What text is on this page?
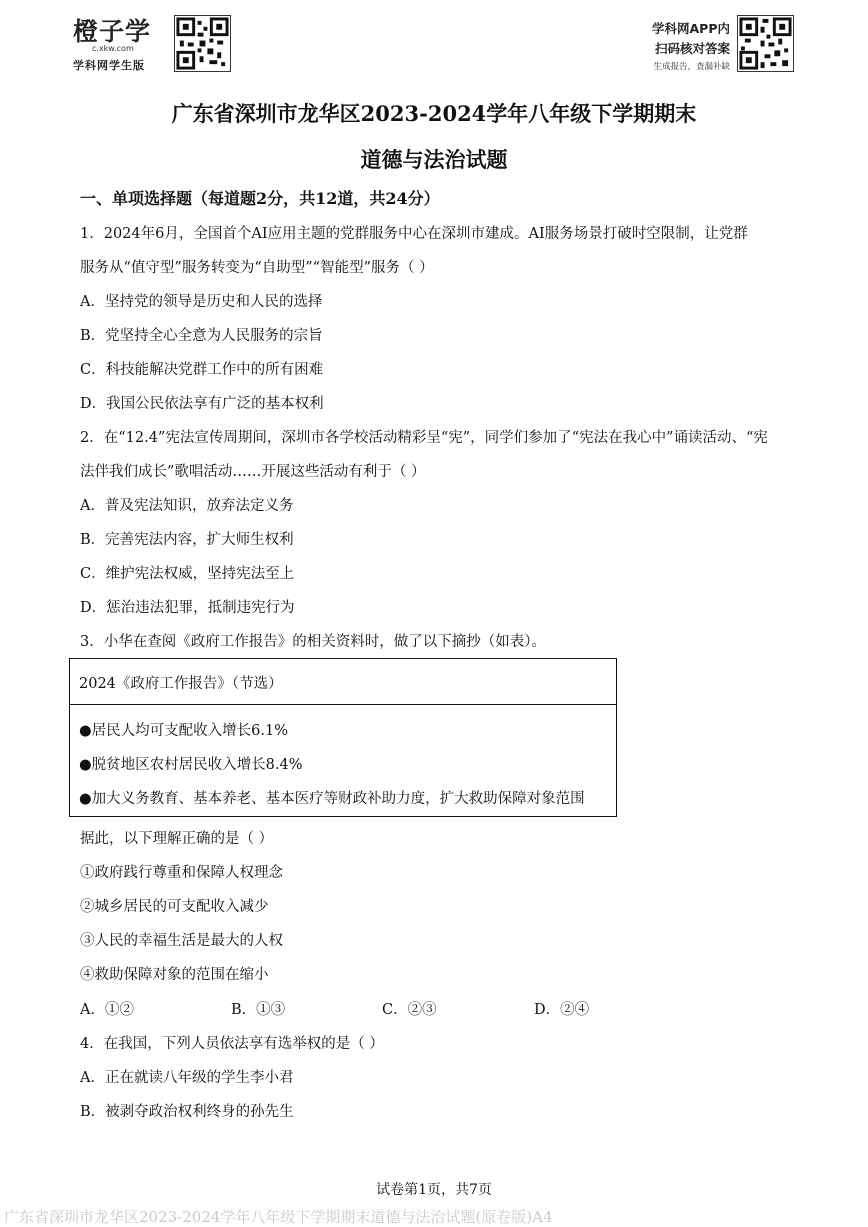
橙子学
c.xkw.com
学科网学生版
学科网APP内
扫码核对答案
生成报告，查漏补缺
广东省深圳市龙华区2023-2024学年八年级下学期期末
道德与法治试题
一、单项选择题（每道题2分，共12道，共24分）
1．2024年6月，全国首个AI应用主题的党群服务中心在深圳市建成。AI服务场景打破时空限制，让党群
服务从“值守型”服务转变为“自助型”“智能型”服务（ ）
A．坚持党的领导是历史和人民的选择
B．党坚持全心全意为人民服务的宗旨
C．科技能解决党群工作中的所有困难
D．我国公民依法享有广泛的基本权利
2．在“12.4”宪法宣传周期间，深圳市各学校活动精彩呈“宪”，同学们参加了“宪法在我心中”诵读活动、“宪
法伴我们成长”歌唱活动……开展这些活动有利于（ ）
A．普及宪法知识，放弃法定义务
B．完善宪法内容，扩大师生权利
C．维护宪法权威，坚持宪法至上
D．惩治违法犯罪，抵制违宪行为
3．小华在查阅《政府工作报告》的相关资料时，做了以下摘抄（如表）。
2024《政府工作报告》（节选）
●居民人均可支配收入增长6.1%
●脱贫地区农村居民收入增长8.4%
●加大义务教育、基本养老、基本医疗等财政补助力度，扩大救助保障对象范围
据此，以下理解正确的是（ ）
①政府践行尊重和保障人权理念
②城乡居民的可支配收入减少
③人民的幸福生活是最大的人权
④救助保障对象的范围在缩小
A．①②	B．①③	C．②③	D．②④
4．在我国，下列人员依法享有选举权的是（ ）
A．正在就读八年级的学生李小君
B．被剥夺政治权利终身的孙先生
试卷第1页，共7页
广东省深圳市龙华区2023-2024学年八年级下学期期末道德与法治试题(原卷版)A4
